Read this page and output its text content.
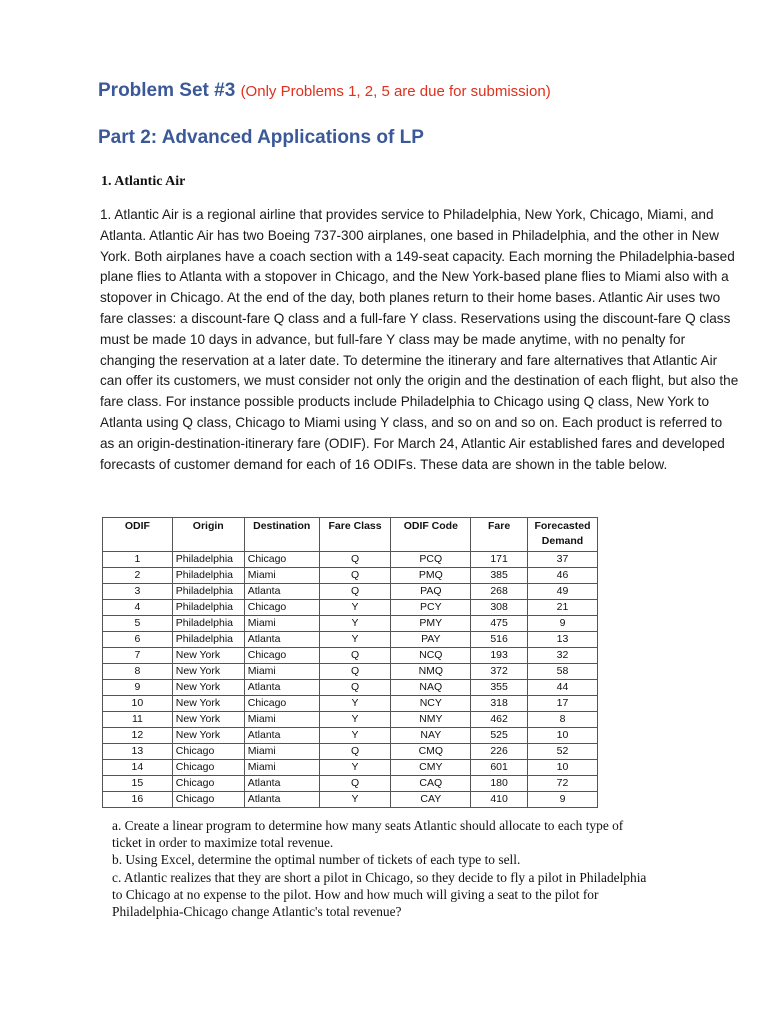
Problem Set #3 (Only Problems 1, 2, 5 are due for submission)
Part 2: Advanced Applications of LP
1. Atlantic Air
1. Atlantic Air is a regional airline that provides service to Philadelphia, New York, Chicago, Miami, and Atlanta. Atlantic Air has two Boeing 737-300 airplanes, one based in Philadelphia, and the other in New York. Both airplanes have a coach section with a 149-seat capacity. Each morning the Philadelphia-based plane flies to Atlanta with a stopover in Chicago, and the New York-based plane flies to Miami also with a stopover in Chicago. At the end of the day, both planes return to their home bases. Atlantic Air uses two fare classes: a discount-fare Q class and a full-fare Y class. Reservations using the discount-fare Q class must be made 10 days in advance, but full-fare Y class may be made anytime, with no penalty for changing the reservation at a later date. To determine the itinerary and fare alternatives that Atlantic Air can offer its customers, we must consider not only the origin and the destination of each flight, but also the fare class. For instance possible products include Philadelphia to Chicago using Q class, New York to Atlanta using Q class, Chicago to Miami using Y class, and so on and so on. Each product is referred to as an origin-destination-itinerary fare (ODIF). For March 24, Atlantic Air established fares and developed forecasts of customer demand for each of 16 ODIFs. These data are shown in the table below.
ODIF	Origin	Destination	Fare Class	ODIF Code	Fare	Forecasted Demand
1	Philadelphia	Chicago	Q	PCQ	171	37
2	Philadelphia	Miami	Q	PMQ	385	46
3	Philadelphia	Atlanta	Q	PAQ	268	49
4	Philadelphia	Chicago	Y	PCY	308	21
5	Philadelphia	Miami	Y	PMY	475	9
6	Philadelphia	Atlanta	Y	PAY	516	13
7	New York	Chicago	Q	NCQ	193	32
8	New York	Miami	Q	NMQ	372	58
9	New York	Atlanta	Q	NAQ	355	44
10	New York	Chicago	Y	NCY	318	17
11	New York	Miami	Y	NMY	462	8
12	New York	Atlanta	Y	NAY	525	10
13	Chicago	Miami	Q	CMQ	226	52
14	Chicago	Miami	Y	CMY	601	10
15	Chicago	Atlanta	Q	CAQ	180	72
16	Chicago	Atlanta	Y	CAY	410	9
a. Create a linear program to determine how many seats Atlantic should allocate to each type of ticket in order to maximize total revenue.
b. Using Excel, determine the optimal number of tickets of each type to sell.
c. Atlantic realizes that they are short a pilot in Chicago, so they decide to fly a pilot in Philadelphia to Chicago at no expense to the pilot. How and how much will giving a seat to the pilot for Philadelphia-Chicago change Atlantic's total revenue?
